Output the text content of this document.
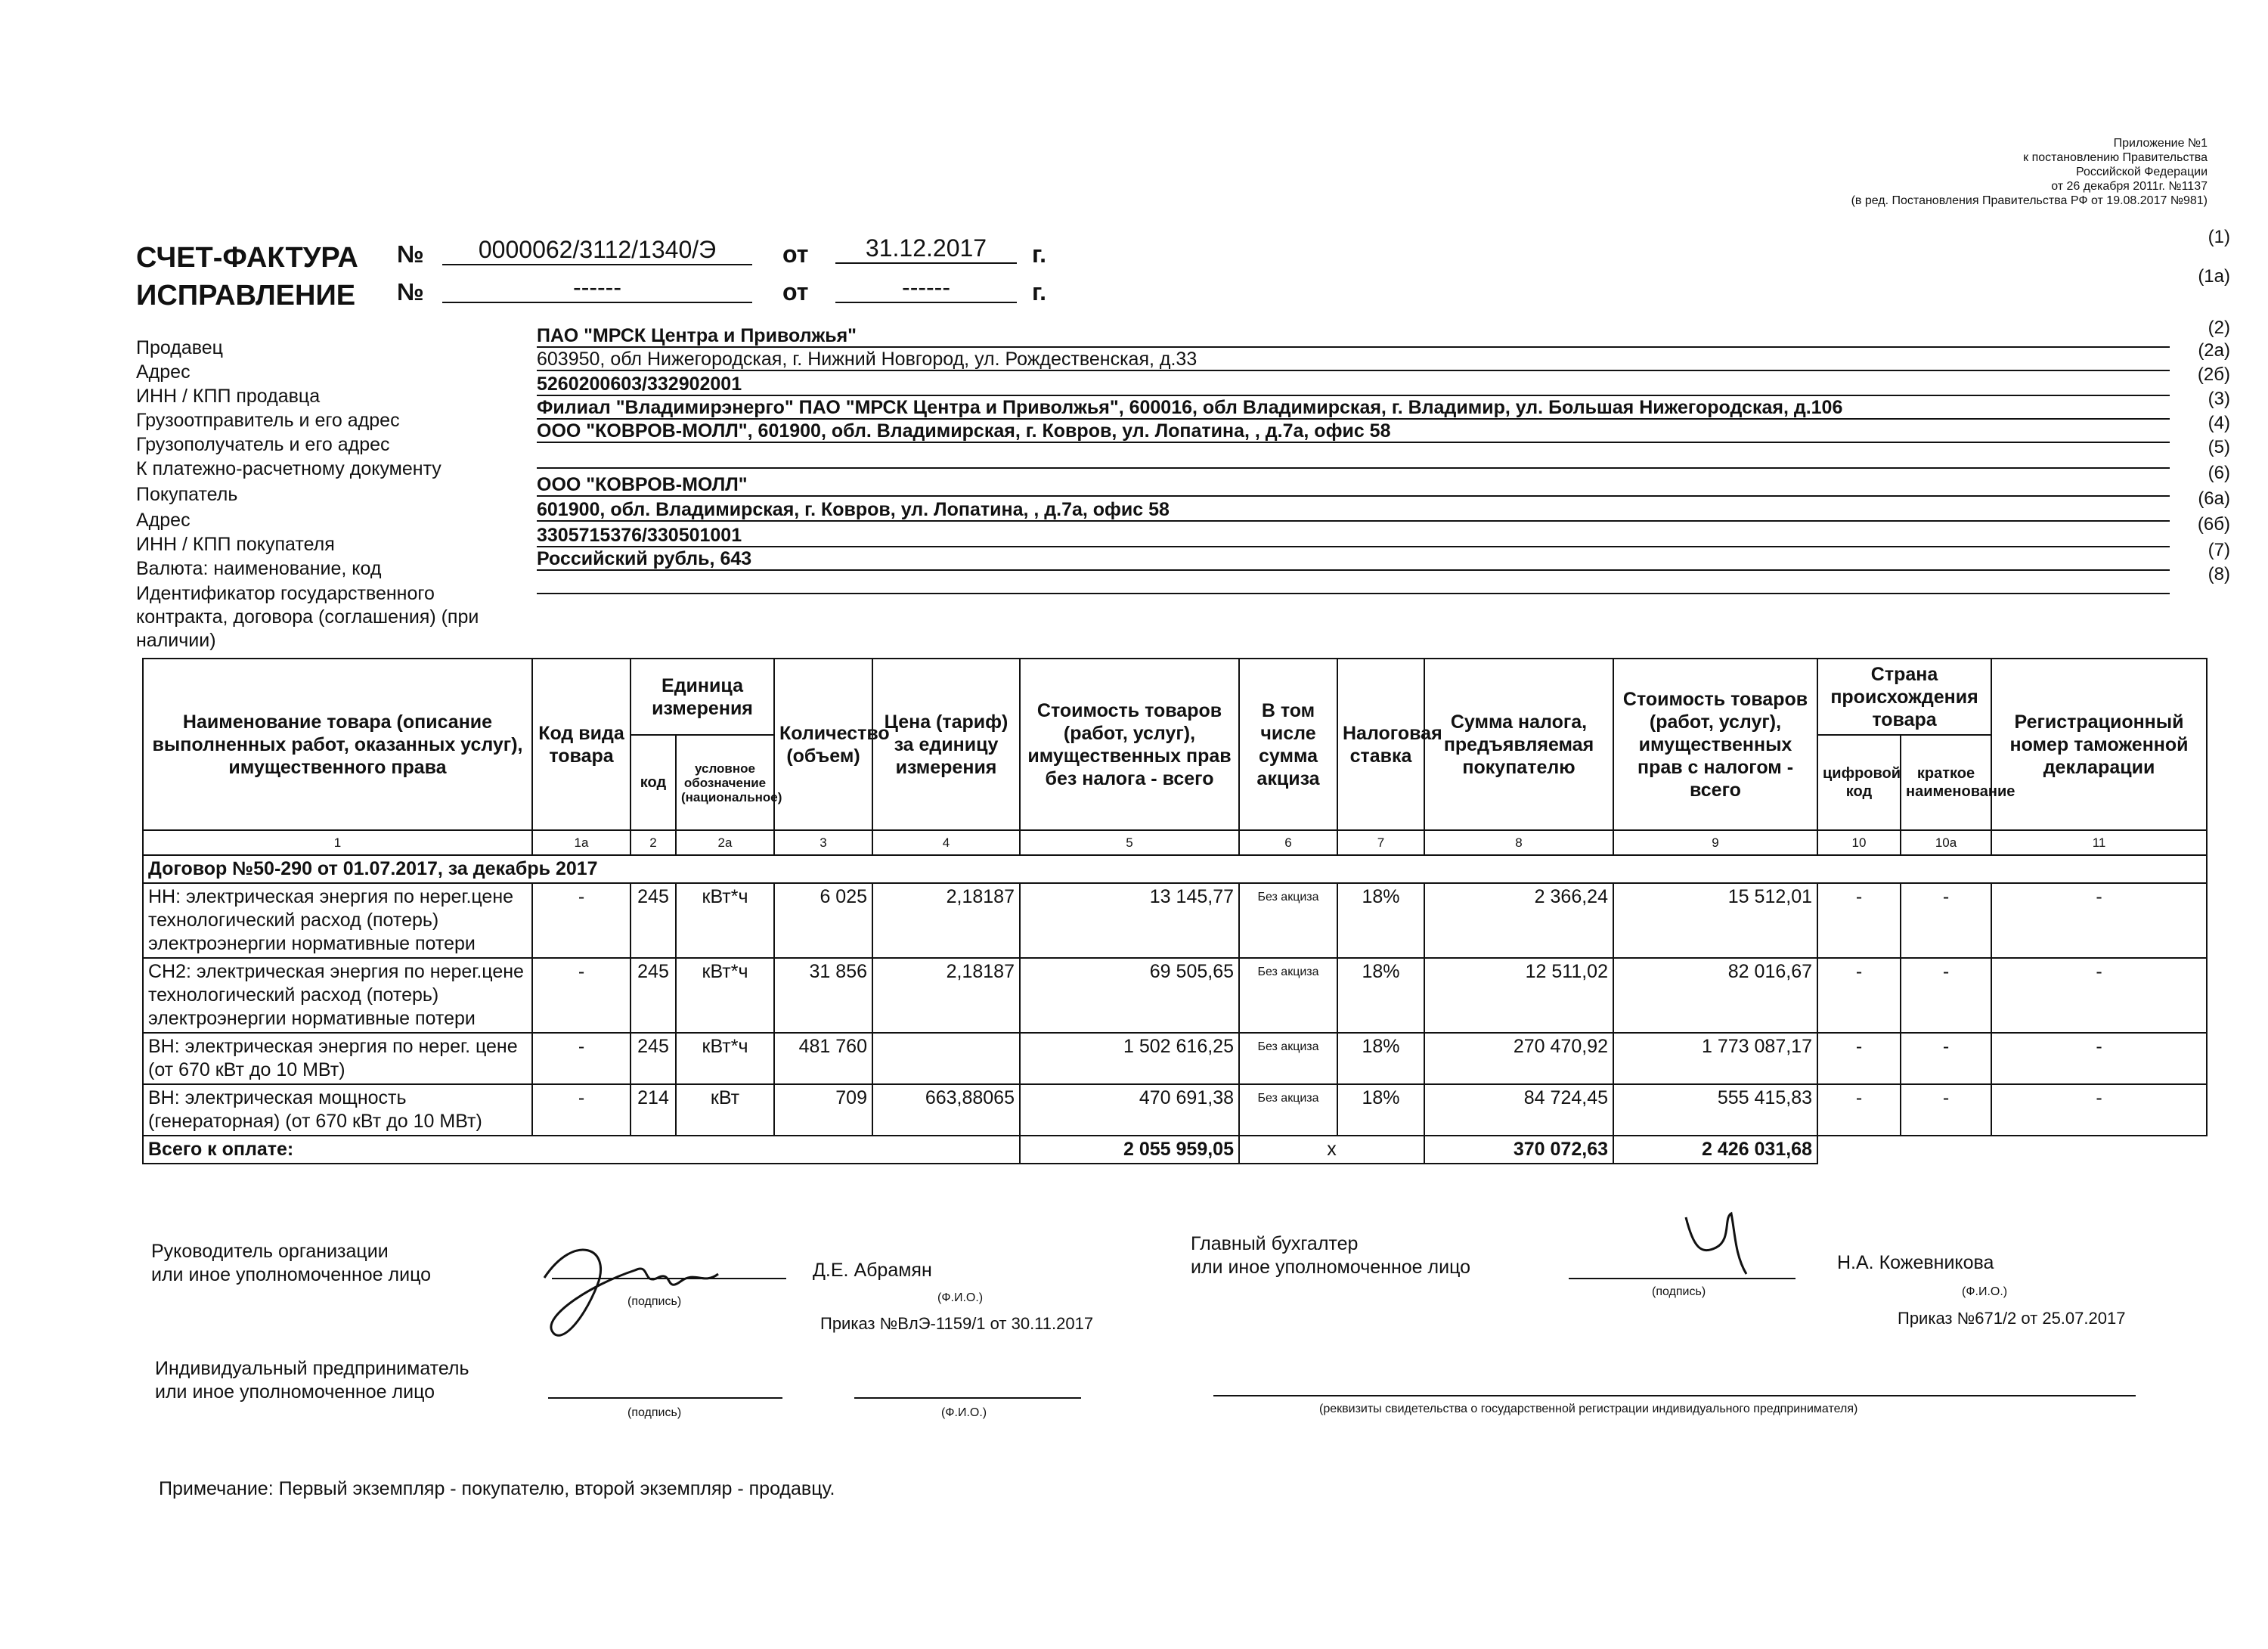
Приложение №1
к постановлению Правительства
Российской Федерации
от 26 декабря 2011г. №1137
(в ред. Постановления Правительства РФ от 19.08.2017 №981)
СЧЕТ-ФАКТУРА №	0000062/3112/1340/Э	от	31.12.2017	г.
(1)
ИСПРАВЛЕНИЕ №	------	от	------	г.
(1а)
Продавец
ПАО "МРСК Центра и Приволжья"	(2)
Адрес
603950, обл Нижегородская, г. Нижний Новгород, ул. Рождественская, д.33	(2а)
ИНН / КПП продавца
5260200603/332902001	(2б)
Грузоотправитель и его адрес
Филиал "Владимирэнерго" ПАО "МРСК Центра и Приволжья", 600016, обл Владимирская, г. Владимир, ул. Большая Нижегородская, д.106	(3)
Грузополучатель и его адрес
ООО "КОВРОВ-МОЛЛ", 601900, обл. Владимирская, г. Ковров, ул. Лопатина, , д.7а, офис 58	(4)
К платежно-расчетному документу
(5)
Покупатель	ООО "КОВРОВ-МОЛЛ"
(6)
Адрес	601900, обл. Владимирская, г. Ковров, ул. Лопатина, , д.7а, офис 58
(6а)
ИНН / КПП покупателя	3305715376/330501001
(6б)
Валюта: наименование, код	Российский рубль, 643	(7)
Идентификатор государственного
контракта, договора (соглашения) (при
наличии)
(8)
Наименование товара (описание выполненных работ, оказанных услуг), имущественного права	Код вида товара	Единица измерения		Количество (объем)	Цена (тариф) за единицу измерения	Стоимость товаров (работ, услуг), имущественных прав без налога - всего	В том числе сумма акциза	Налоговая ставка	Сумма налога, предъявляемая покупателю	Стоимость товаров (работ, услуг), имущественных прав с налогом - всего	Страна происхождения товара		Регистрационный номер таможенной декларации
		код	условное обозначение (национальное)								цифровой код	краткое наименование	
1	1а	2	2а	3	4	5	6	7	8	9	10	10а	11
Договор №50-290 от 01.07.2017, за декабрь 2017													
НН: электрическая энергия по нерег.цене технологический расход (потерь) электроэнергии нормативные потери	-	245	кВт*ч	6 025	2,18187	13 145,77	Без акциза	18%	2 366,24	15 512,01	-	-	-
СН2: электрическая энергия по нерег.цене технологический расход (потерь) электроэнергии нормативные потери	-	245	кВт*ч	31 856	2,18187	69 505,65	Без акциза	18%	12 511,02	82 016,67	-	-	-
ВН: электрическая энергия по нерег. цене (от 670 кВт до 10 МВт)	-	245	кВт*ч	481 760		1 502 616,25	Без акциза	18%	270 470,92	1 773 087,17	-	-	-
ВН: электрическая мощность (генераторная) (от 670 кВт до 10 МВт)	-	214	кВт	709	663,88065	470 691,38	Без акциза	18%	84 724,45	555 415,83	-	-	-
Всего к оплате:						2 055 959,05	х		370 072,63	2 426 031,68			
Руководитель организации
или иное уполномоченное лицо
(подпись)
Д.Е. Абрамян
(Ф.И.О.)
Приказ №ВлЭ-1159/1 от 30.11.2017
Главный бухгалтер
или иное уполномоченное лицо
(подпись)
Н.А. Кожевникова
(Ф.И.О.)
Приказ №671/2 от 25.07.2017
Индивидуальный предприниматель
или иное уполномоченное лицо
(подпись)	(Ф.И.О.)	(реквизиты свидетельства о государственной регистрации индивидуального предпринимателя)
Примечание: Первый экземпляр - покупателю, второй экземпляр - продавцу.
